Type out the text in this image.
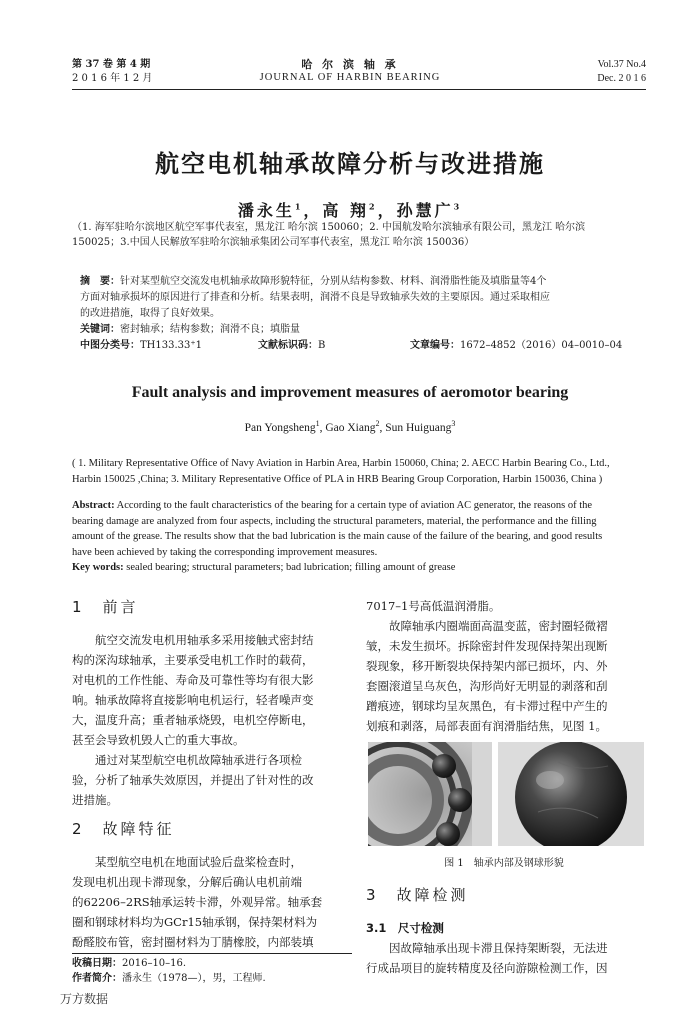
第 37 卷 第 4 期
2 0 1 6 年 1 2 月
哈 尔 滨 轴 承
JOURNAL OF HARBIN BEARING
Vol.37 No.4
Dec. 2 0 1 6
航空电机轴承故障分析与改进措施
潘永生$^1$，高 翔$^2$，孙慧广$^3$
（1. 海军驻哈尔滨地区航空军事代表室，黑龙江 哈尔滨 150060；2. 中国航发哈尔滨轴承有限公司，黑龙江 哈尔滨
150025；3.中国人民解放军驻哈尔滨轴承集团公司军事代表室，黑龙江 哈尔滨 150036）
摘　要：针对某型航空交流发电机轴承故障形貌特征，分别从结构参数、材料、润滑脂性能及填脂量等4个
方面对轴承损坏的原因进行了排查和分析。结果表明，润滑不良是导致轴承失效的主要原因。通过采取相应
的改进措施，取得了良好效果。
关键词：密封轴承；结构参数；润滑不良；填脂量
中图分类号：TH133.33⁺1	文献标识码：B	文章编号：1672–4852（2016）04–0010–04
Fault analysis and improvement measures of aeromotor bearing
Pan Yongsheng$^1$, Gao Xiang$^2$, Sun Huiguang$^3$
( 1. Military Representative Office of Navy Aviation in Harbin Area, Harbin 150060, China; 2. AECC Harbin Bearing Co., Ltd.,
Harbin 150025 ,China; 3. Military Representative Office of PLA in HRB Bearing Group Corporation, Harbin 150036, China )
Abstract: According to the fault characteristics of the bearing for a certain type of aviation AC generator, the reasons of the
bearing damage are analyzed from four aspects, including the structural parameters, material, the performance and the filling
amount of the grease. The results show that the bad lubrication is the main cause of the failure of the bearing, and good results
have been achieved by taking the corresponding improvement measures.
Key words: sealed bearing; structural parameters; bad lubrication; filling amount of grease
1　前言
航空交流发电机用轴承多采用接触式密封结
构的深沟球轴承，主要承受电机工作时的载荷，
对电机的工作性能、寿命及可靠性等均有很大影
响。轴承故障将直接影响电机运行，轻者噪声变
大，温度升高；重者轴承烧毁，电机空停断电，
甚至会导致机毁人亡的重大事故。
通过对某型航空电机故障轴承进行各项检
验，分析了轴承失效原因，并提出了针对性的改
进措施。
2　故障特征
某型航空电机在地面试验后盘桨检查时，
发现电机出现卡滞现象，分解后确认电机前端
的62206–2RS轴承运转卡滞，外观异常。轴承套
圈和钢球材料均为GCr15轴承钢，保持架材料为
酚醛胶布管，密封圈材料为丁腈橡胶，内部装填
收稿日期：2016–10–16.
作者简介：潘永生（1978—），男，工程师.
万方数据
7017–1号高低温润滑脂。
故障轴承内圈端面高温变蓝，密封圈轻微褶
皱，未发生损坏。拆除密封件发现保持架出现断
裂现象，移开断裂块保持架内部已损坏，内、外
套圈滚道呈乌灰色，沟形尚好无明显的剥落和刮
蹭痕迹，钢球均呈灰黑色，有卡滞过程中产生的
划痕和剥落，局部表面有润滑脂结焦，见图 1。
图 1　轴承内部及钢球形貌
3　故障检测
3.1　尺寸检测
因故障轴承出现卡滞且保持架断裂，无法进
行成品项目的旋转精度及径向游隙检测工作，因
